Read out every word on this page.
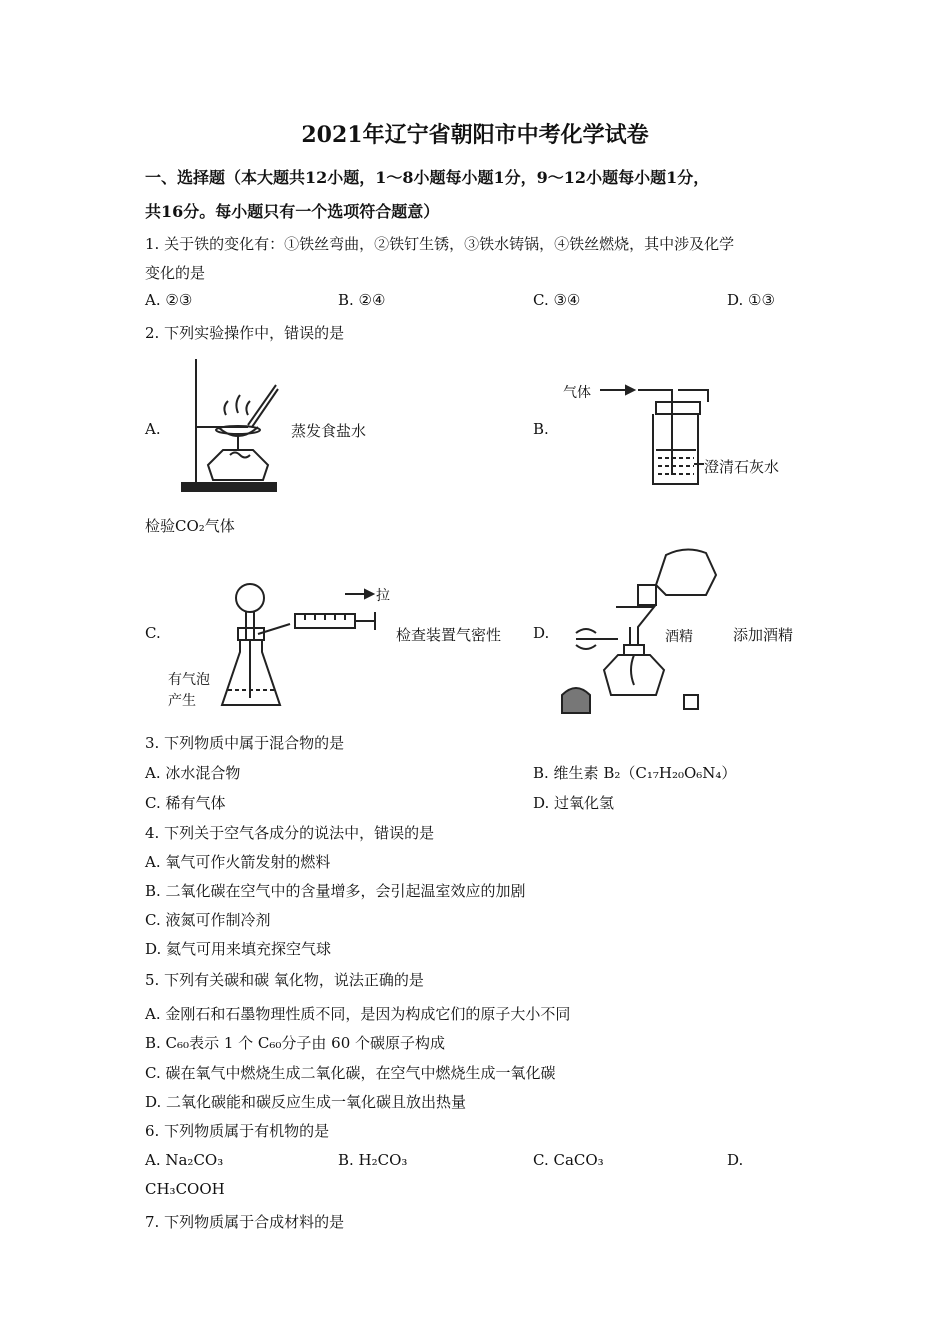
2021年辽宁省朝阳市中考化学试卷
一、选择题（本大题共12小题，1～8小题每小题1分，9～12小题每小题1分，
共16分。每小题只有一个选项符合题意）
1. 关于铁的变化有：①铁丝弯曲，②铁钉生锈，③铁水铸锅，④铁丝燃烧，其中涉及化学
变化的是
A. ②③	B. ②④	C. ③④	D. ①③
2. 下列实验操作中，错误的是
A.	蒸发食盐水	B.
气体
澄清石灰水
检验CO₂气体
C.
拉
有气泡
产生
检查装置气密性 D.	酒精	添加酒精
3. 下列物质中属于混合物的是
A. 冰水混合物	B. 维生素 B₂（C₁₇H₂₀O₆N₄）
C. 稀有气体	D. 过氧化氢
4. 下列关于空气各成分的说法中，错误的是
A. 氧气可作火箭发射的燃料
B. 二氧化碳在空气中的含量增多，会引起温室效应的加剧
C. 液氮可作制冷剂
D. 氦气可用来填充探空气球
5. 下列有关碳和碳 氧化物，说法正确的是
A. 金刚石和石墨物理性质不同，是因为构成它们的原子大小不同
B. C₆₀表示 1 个 C₆₀分子由 60 个碳原子构成
C. 碳在氧气中燃烧生成二氧化碳，在空气中燃烧生成一氧化碳
D. 二氧化碳能和碳反应生成一氧化碳且放出热量
6. 下列物质属于有机物的是
A. Na₂CO₃	B. H₂CO₃	C. CaCO₃	D.
CH₃COOH
7. 下列物质属于合成材料的是
